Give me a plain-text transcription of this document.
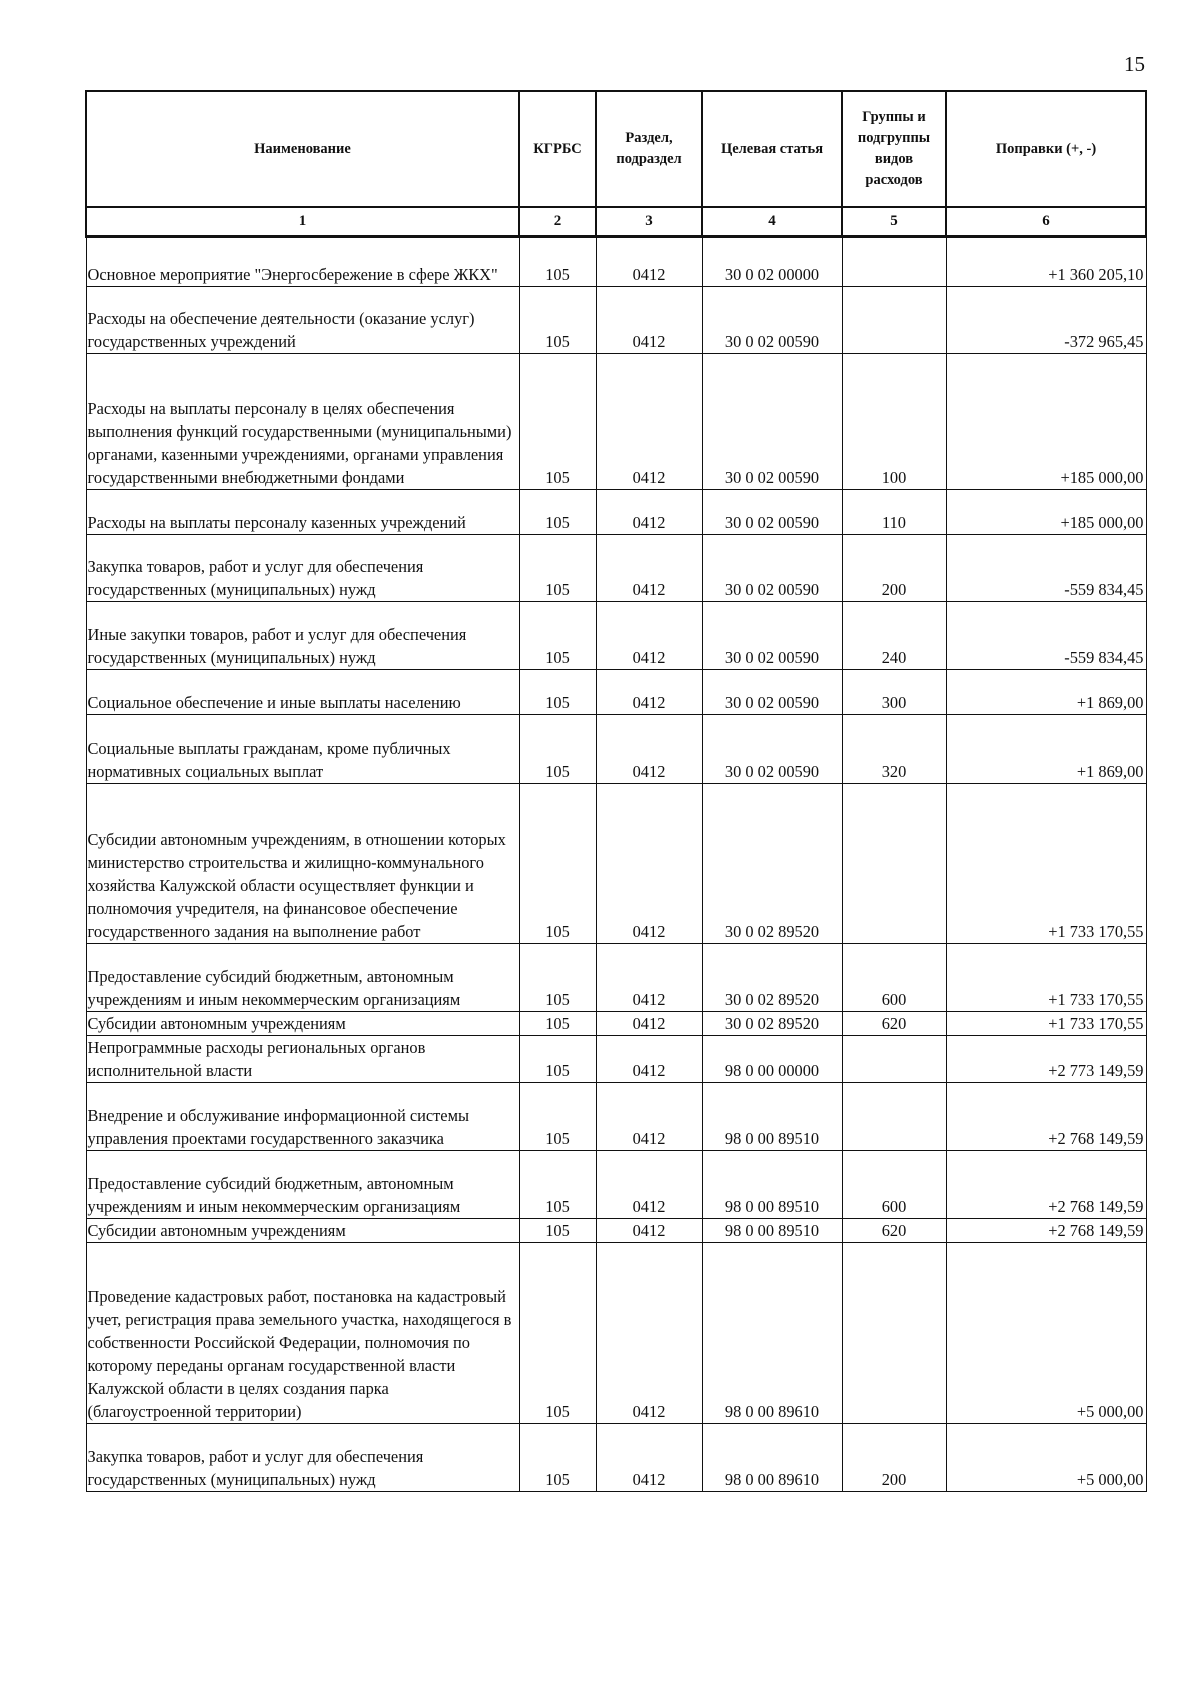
15
Наименование	КГРБС	Раздел, подраздел	Целевая статья	Группы и подгруппы видов расходов	Поправки (+, -)
1	2	3	4	5	6
Основное мероприятие "Энергосбережение в сфере ЖКХ"	105	0412	30 0 02 00000		+1 360 205,10
Расходы на обеспечение деятельности (оказание услуг) государственных учреждений	105	0412	30 0 02 00590		-372 965,45
Расходы на выплаты персоналу в целях обеспечения выполнения функций государственными (муниципальными) органами, казенными учреждениями, органами управления государственными внебюджетными фондами	105	0412	30 0 02 00590	100	+185 000,00
Расходы на выплаты персоналу казенных учреждений	105	0412	30 0 02 00590	110	+185 000,00
Закупка товаров, работ и услуг для обеспечения государственных (муниципальных) нужд	105	0412	30 0 02 00590	200	-559 834,45
Иные закупки товаров, работ и услуг для обеспечения государственных (муниципальных) нужд	105	0412	30 0 02 00590	240	-559 834,45
Социальное обеспечение и иные выплаты населению	105	0412	30 0 02 00590	300	+1 869,00
Социальные выплаты гражданам, кроме публичных нормативных социальных выплат	105	0412	30 0 02 00590	320	+1 869,00
Субсидии автономным учреждениям, в отношении которых министерство строительства и жилищно-коммунального хозяйства Калужской области осуществляет функции и полномочия учредителя, на финансовое обеспечение государственного задания на выполнение работ	105	0412	30 0 02 89520		+1 733 170,55
Предоставление субсидий бюджетным, автономным учреждениям и иным некоммерческим организациям	105	0412	30 0 02 89520	600	+1 733 170,55
Субсидии автономным учреждениям	105	0412	30 0 02 89520	620	+1 733 170,55
Непрограммные расходы региональных органов исполнительной власти	105	0412	98 0 00 00000		+2 773 149,59
Внедрение и обслуживание информационной системы управления проектами государственного заказчика	105	0412	98 0 00 89510		+2 768 149,59
Предоставление субсидий бюджетным, автономным учреждениям и иным некоммерческим организациям	105	0412	98 0 00 89510	600	+2 768 149,59
Субсидии автономным учреждениям	105	0412	98 0 00 89510	620	+2 768 149,59
Проведение кадастровых работ, постановка на кадастровый учет, регистрация права земельного участка, находящегося в собственности Российской Федерации, полномочия по которому переданы органам государственной власти Калужской области в целях создания парка (благоустроенной территории)	105	0412	98 0 00 89610		+5 000,00
Закупка товаров, работ и услуг для обеспечения государственных (муниципальных) нужд	105	0412	98 0 00 89610	200	+5 000,00
